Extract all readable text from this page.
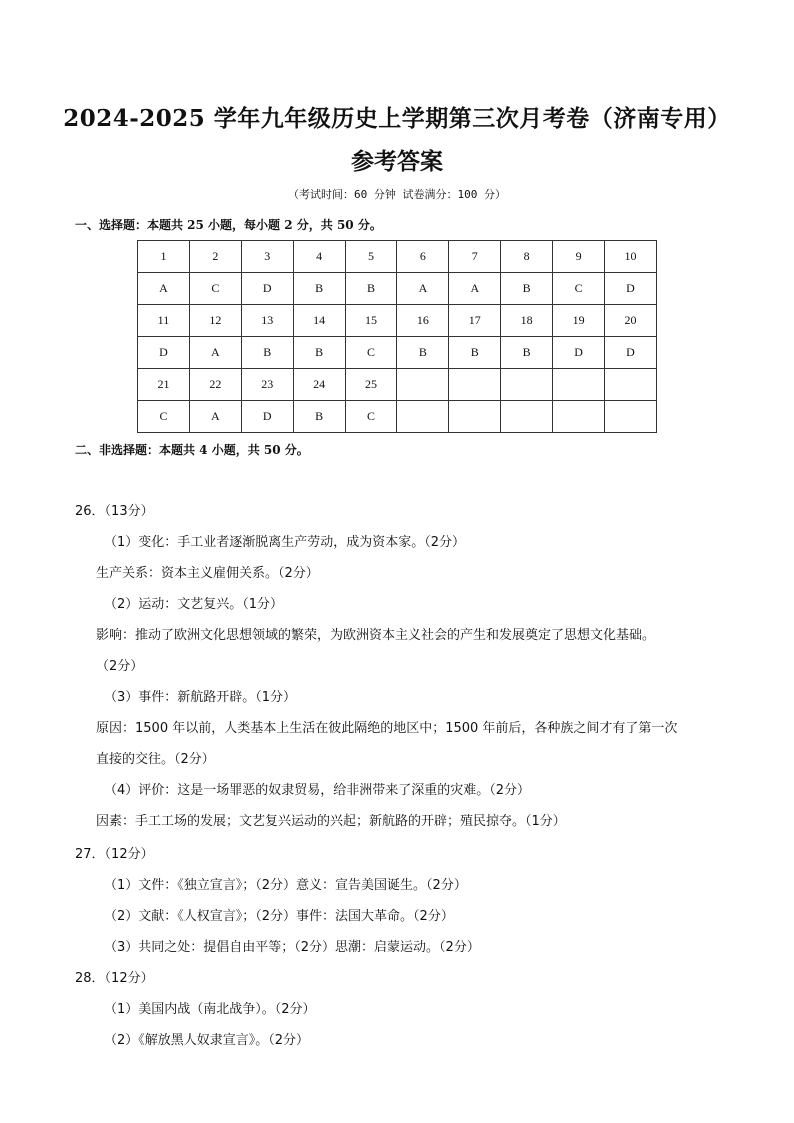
2024-2025 学年九年级历史上学期第三次月考卷（济南专用）
参考答案
（考试时间：60 分钟 试卷满分：100 分）
一、选择题：本题共 25 小题，每小题 2 分，共 50 分。
1	2	3	4	5	6	7	8	9	10
A	C	D	B	B	A	A	B	C	D
11	12	13	14	15	16	17	18	19	20
D	A	B	B	C	B	B	B	D	D
21	22	23	24	25					
C	A	D	B	C					
二、非选择题：本题共 4 小题，共 50 分。
26．（13分）
（1）变化：手工业者逐渐脱离生产劳动，成为资本家。（2分）
生产关系：资本主义雇佣关系。（2分）
（2）运动：文艺复兴。（1分）
影响：推动了欧洲文化思想领域的繁荣，为欧洲资本主义社会的产生和发展奠定了思想文化基础。
（2分）
（3）事件：新航路开辟。（1分）
原因：1500 年以前，人类基本上生活在彼此隔绝的地区中；1500 年前后，各种族之间才有了第一次
直接的交往。（2分）
（4）评价：这是一场罪恶的奴隶贸易，给非洲带来了深重的灾难。（2分）
因素：手工工场的发展；文艺复兴运动的兴起；新航路的开辟；殖民掠夺。（1分）
27．（12分）
（1）文件：《独立宣言》；（2分）意义：宣告美国诞生。（2分）
（2）文献：《人权宣言》；（2分）事件：法国大革命。（2分）
（3）共同之处：提倡自由平等；（2分）思潮：启蒙运动。（2分）
28．（12分）
（1）美国内战（南北战争）。（2分）
（2）《解放黑人奴隶宣言》。（2分）
